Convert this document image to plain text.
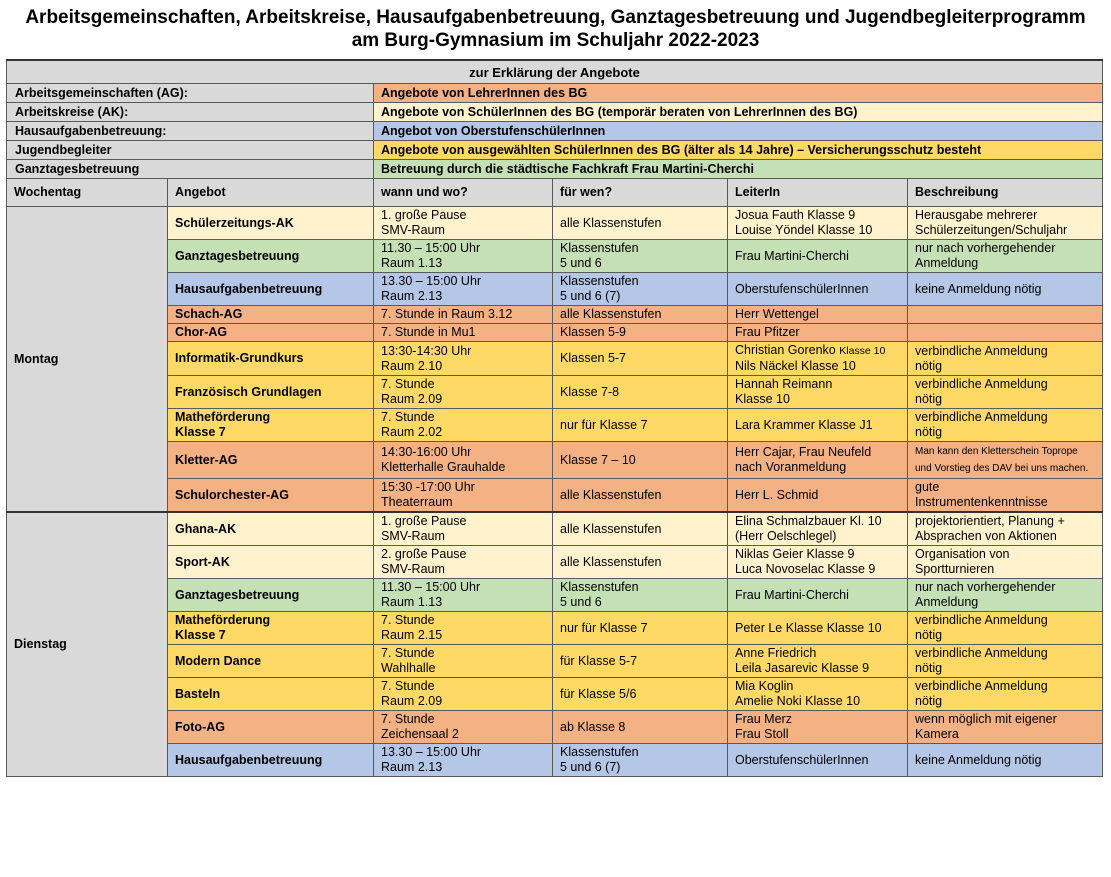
Arbeitsgemeinschaften, Arbeitskreise, Hausaufgabenbetreuung, Ganztagesbetreuung und Jugendbegleiterprogramm
am Burg-Gymnasium im Schuljahr 2022-2023
zur Erklärung der Angebote					
Arbeitsgemeinschaften (AG):		Angebote von LehrerInnen des BG			
Arbeitskreise (AK):		Angebote von SchülerInnen des BG (temporär beraten von LehrerInnen des BG)			
Hausaufgabenbetreuung:		Angebot von OberstufenschülerInnen			
Jugendbegleiter		Angebote von ausgewählten SchülerInnen des BG (älter als 14 Jahre) – Versicherungsschutz besteht			
Ganztagesbetreuung		Betreuung durch die städtische Fachkraft Frau Martini-Cherchi			
Wochentag	Angebot	wann und wo?	für wen?	LeiterIn	Beschreibung
Montag	Schülerzeitungs-AK	1. große Pause
SMV-Raum	alle Klassenstufen	Josua Fauth Klasse 9
Louise Yöndel Klasse 10	Herausgabe mehrerer
Schülerzeitungen/Schuljahr
	Ganztagesbetreuung	11.30 – 15:00 Uhr
Raum 1.13	Klassenstufen
5 und 6	Frau Martini-Cherchi	nur nach vorhergehender
Anmeldung
	Hausaufgabenbetreuung	13.30 – 15:00 Uhr
Raum 2.13	Klassenstufen
5 und 6 (7)	OberstufenschülerInnen	keine Anmeldung nötig
	Schach-AG	7. Stunde in Raum 3.12	alle Klassenstufen	Herr Wettengel	
	Chor-AG	7. Stunde in Mu1	Klassen 5-9	Frau Pfitzer	
	Informatik-Grundkurs	13:30-14:30 Uhr
Raum 2.10	Klassen 5-7	Christian Gorenko Klasse 10
Nils Näckel Klasse 10	verbindliche Anmeldung
nötig
	Französisch Grundlagen	7. Stunde
Raum 2.09	Klasse 7-8	Hannah Reimann
Klasse 10	verbindliche Anmeldung
nötig
	Matheförderung
Klasse 7	7. Stunde
Raum 2.02	nur für Klasse 7	Lara Krammer Klasse J1	verbindliche Anmeldung
nötig
	Kletter-AG	14:30-16:00 Uhr
Kletterhalle Grauhalde	Klasse 7 – 10	Herr Cajar, Frau Neufeld
nach Voranmeldung	Man kann den Kletterschein Toprope
und Vorstieg des DAV bei uns machen.
	Schulorchester-AG	15:30 -17:00 Uhr
Theaterraum	alle Klassenstufen	Herr L. Schmid	gute
Instrumentenkenntnisse
Dienstag	Ghana-AK	1. große Pause
SMV-Raum	alle Klassenstufen	Elina Schmalzbauer Kl. 10
(Herr Oelschlegel)	projektorientiert, Planung +
Absprachen von Aktionen
	Sport-AK	2. große Pause
SMV-Raum	alle Klassenstufen	Niklas Geier Klasse 9
Luca Novoselac Klasse 9	Organisation von
Sportturnieren
	Ganztagesbetreuung	11.30 – 15:00 Uhr
Raum 1.13	Klassenstufen
5 und 6	Frau Martini-Cherchi	nur nach vorhergehender
Anmeldung
	Matheförderung
Klasse 7	7. Stunde
Raum 2.15	nur für Klasse 7	Peter Le Klasse Klasse 10	verbindliche Anmeldung
nötig
	Modern Dance	7. Stunde
Wahlhalle	für Klasse 5-7	Anne Friedrich
Leila Jasarevic Klasse 9	verbindliche Anmeldung
nötig
	Basteln	7. Stunde
Raum 2.09	für Klasse 5/6	Mia Koglin
Amelie Noki Klasse 10	verbindliche Anmeldung
nötig
	Foto-AG	7. Stunde
Zeichensaal 2	ab Klasse 8	Frau Merz
Frau Stoll	wenn möglich mit eigener
Kamera
	Hausaufgabenbetreuung	13.30 – 15:00 Uhr
Raum 2.13	Klassenstufen
5 und 6 (7)	OberstufenschülerInnen	keine Anmeldung nötig
